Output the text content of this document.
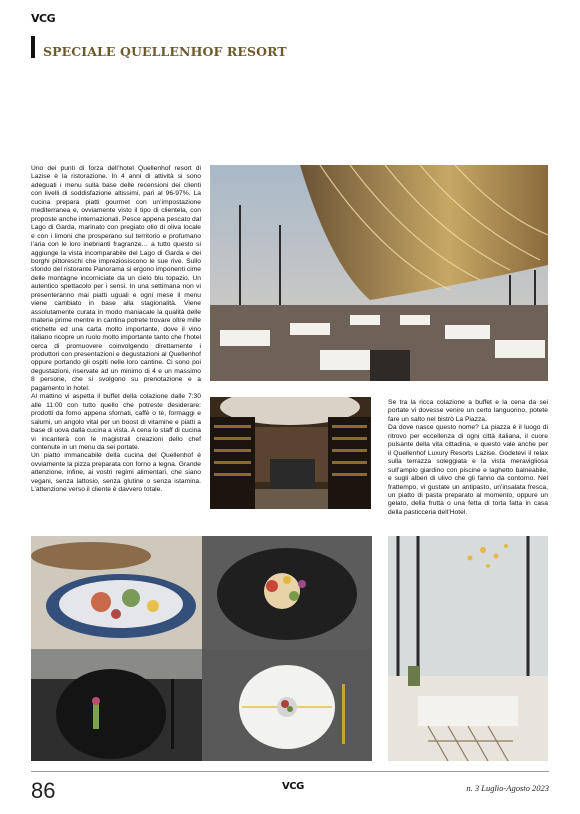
VCG
SPECIALE QUELLENHOF RESORT

Uno dei punti di forza dell’hotel Quellenhof resort di Lazise è la ristorazione. In 4 anni di attività si sono adeguati i menu sulla base delle recensioni dei clienti con livelli di soddisfazione altissimi, pari al 96-97%. La cucina prepara piatti gourmet con un’impostazione mediterranea e, ovviamente visto il tipo di clientela, con proposte anche internazionali. Pesce appena pescato dal Lago di Garda, marinato con pregiato olio di oliva locale e con i limoni che prosperano sul territorio e profumano l’aria con le loro inebrianti fragranze… a tutto questo si aggiunge la vista incomparabile del Lago di Garda e dei borghi pittoreschi che impreziosiscono le sue rive. Sullo sfondo del ristorante Panorama si ergono imponenti cime delle montagne incorniciate da un cielo blu topazio. Un autentico spettacolo per i sensi. In una settimana non vi presenteranno mai piatti uguali e ogni mese il menu viene cambiato in base alla stagionalità. Viene assolutamente curata in modo maniacale la qualità delle materie prime mentre in cantina potrete trovare oltre mille etichette ed una carta molto importante, dove il vino italiano ricopre un ruolo molto importante tanto che l’hotel cerca di promuovere coinvolgendo direttamente i produttori con presentazioni e degustazioni al Quellenhof oppure portando gli ospiti nelle loro cantine. Ci sono poi degustazioni, riservate ad un minimo di 4 e un massimo 8 persone, che si svolgono su prenotazione e a pagamento in hotel.

Al mattino vi aspetta il buffet della colazione dalle 7:30 alle 11:00 con tutto quello che potreste desiderare: prodotti da forno appena sfornati, caffè o tè, formaggi e salumi, un angolo vital per un boost di vitamine e piatti a base di uova dalla cucina a vista. A cena lo staff di cucina vi incanterà con le magistrali creazioni dello chef contenute in un menu da sei portate.

Un piatto immancabile della cucina del Quellenhof è ovviamente la pizza preparata con forno a legna. Grande attenzione, infine, ai vostri regimi alimentari, che siano vegani, senza lattosio, senza glutine o senza istamina. L’attenzione verso il cliente è davvero totale.

Se tra la ricca colazione a buffet e la cena da sei portate vi dovesse venire un certo languorino, potete fare un salto nel bistrò La Piazza.

Da dove nasce questo nome? La piazza è il luogo di ritrovo per eccellenza di ogni città italiana, il cuore pulsante della vita cittadina, e questo vale anche per il Quellenhof Luxury Resorts Lazise. Godetevi il relax sulla terrazza soleggiata e la vista meravigliosa sull’ampio giardino con piscine e laghetto balneabile, e sugli alberi di ulivo che gli fanno da contorno. Nel frattempo, vi gustate un antipasto, un’insalata fresca, un piatto di pasta preparato al momento, oppure un gelato, della frutta o una fetta di torta fatta in casa della pasticceria dell’Hotel.

86	VCG	n. 3 Luglio-Agosto 2023
